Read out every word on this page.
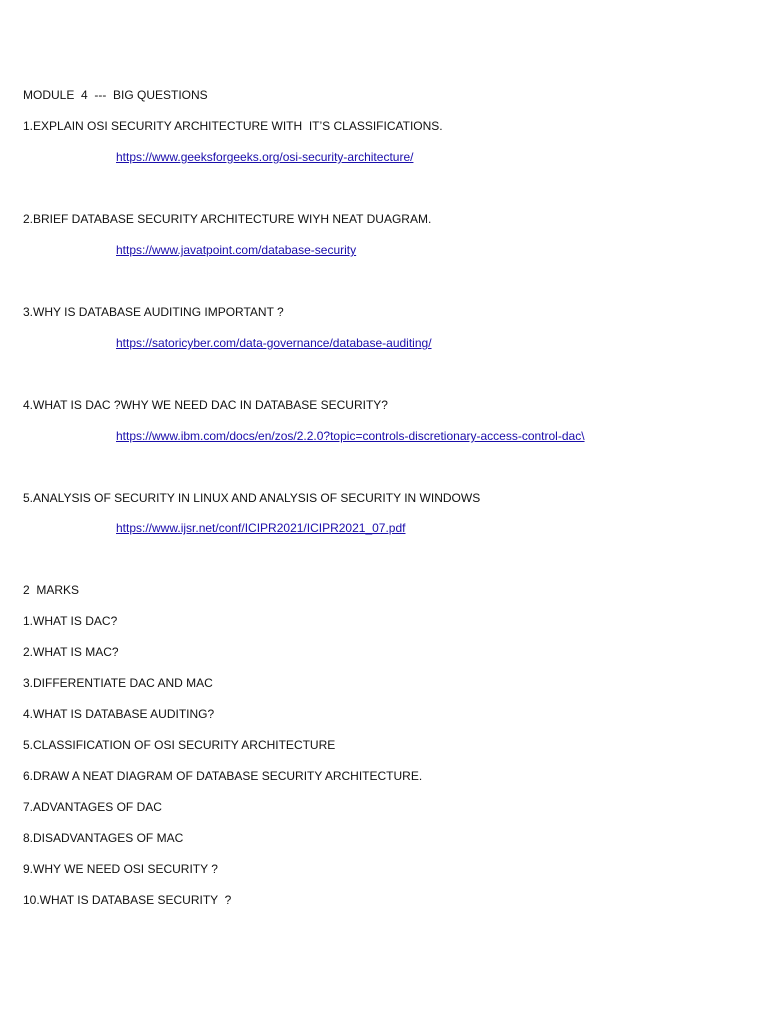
MODULE  4  ---  BIG QUESTIONS
1.EXPLAIN OSI SECURITY ARCHITECTURE WITH  IT’S CLASSIFICATIONS.
https://www.geeksforgeeks.org/osi-security-architecture/
2.BRIEF DATABASE SECURITY ARCHITECTURE WIYH NEAT DUAGRAM.
https://www.javatpoint.com/database-security
3.WHY IS DATABASE AUDITING IMPORTANT ?
https://satoricyber.com/data-governance/database-auditing/
4.WHAT IS DAC ?WHY WE NEED DAC IN DATABASE SECURITY?
https://www.ibm.com/docs/en/zos/2.2.0?topic=controls-discretionary-access-control-dac\
5.ANALYSIS OF SECURITY IN LINUX AND ANALYSIS OF SECURITY IN WINDOWS
https://www.ijsr.net/conf/ICIPR2021/ICIPR2021_07.pdf
2  MARKS
1.WHAT IS DAC?
2.WHAT IS MAC?
3.DIFFERENTIATE DAC AND MAC
4.WHAT IS DATABASE AUDITING?
5.CLASSIFICATION OF OSI SECURITY ARCHITECTURE
6.DRAW A NEAT DIAGRAM OF DATABASE SECURITY ARCHITECTURE.
7.ADVANTAGES OF DAC
8.DISADVANTAGES OF MAC
9.WHY WE NEED OSI SECURITY ?
10.WHAT IS DATABASE SECURITY  ?
